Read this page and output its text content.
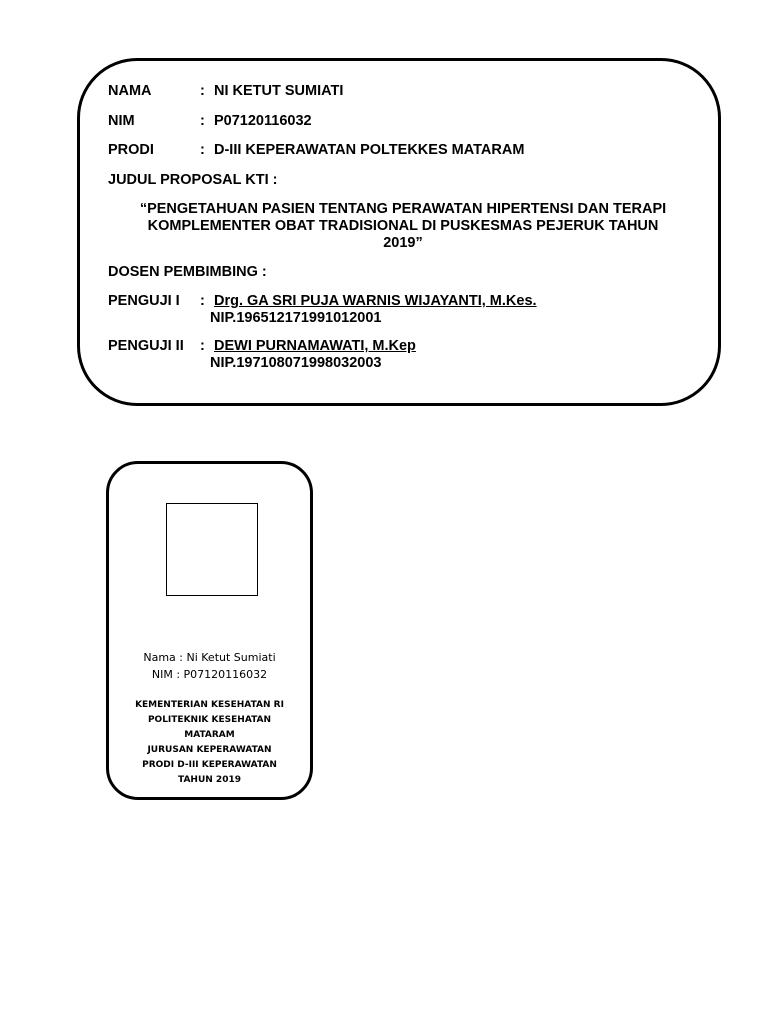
NAMA	: NI KETUT SUMIATI
NIM	: P07120116032
PRODI	: D-III KEPERAWATAN POLTEKKES MATARAM
JUDUL PROPOSAL KTI :
“PENGETAHUAN PASIEN TENTANG PERAWATAN HIPERTENSI DAN TERAPI
KOMPLEMENTER OBAT TRADISIONAL DI PUSKESMAS PEJERUK TAHUN
2019”
DOSEN PEMBIMBING :
PENGUJI I : Drg. GA SRI PUJA WARNIS WIJAYANTI, M.Kes.
NIP.196512171991012001
PENGUJI II : DEWI PURNAMAWATI, M.Kep
NIP.197108071998032003
Nama : Ni Ketut Sumiati
NIM : P07120116032
KEMENTERIAN KESEHATAN RI
POLITEKNIK KESEHATAN
MATARAM
JURUSAN KEPERAWATAN
PRODI D-III KEPERAWATAN
TAHUN 2019
